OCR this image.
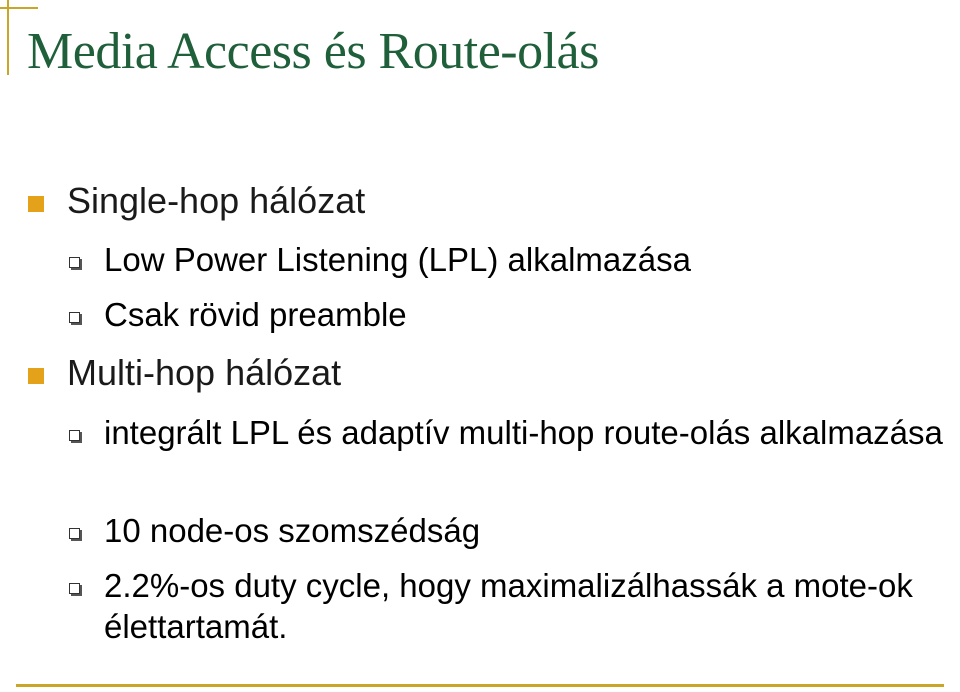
Media Access és Route-olás
Single-hop hálózat
Low Power Listening (LPL) alkalmazása
Csak rövid preamble
Multi-hop hálózat
integrált LPL és adaptív multi-hop route-olás alkalmazása
10 node-os szomszédság
2.2%-os duty cycle, hogy maximalizálhassák a mote-ok élettartamát.
